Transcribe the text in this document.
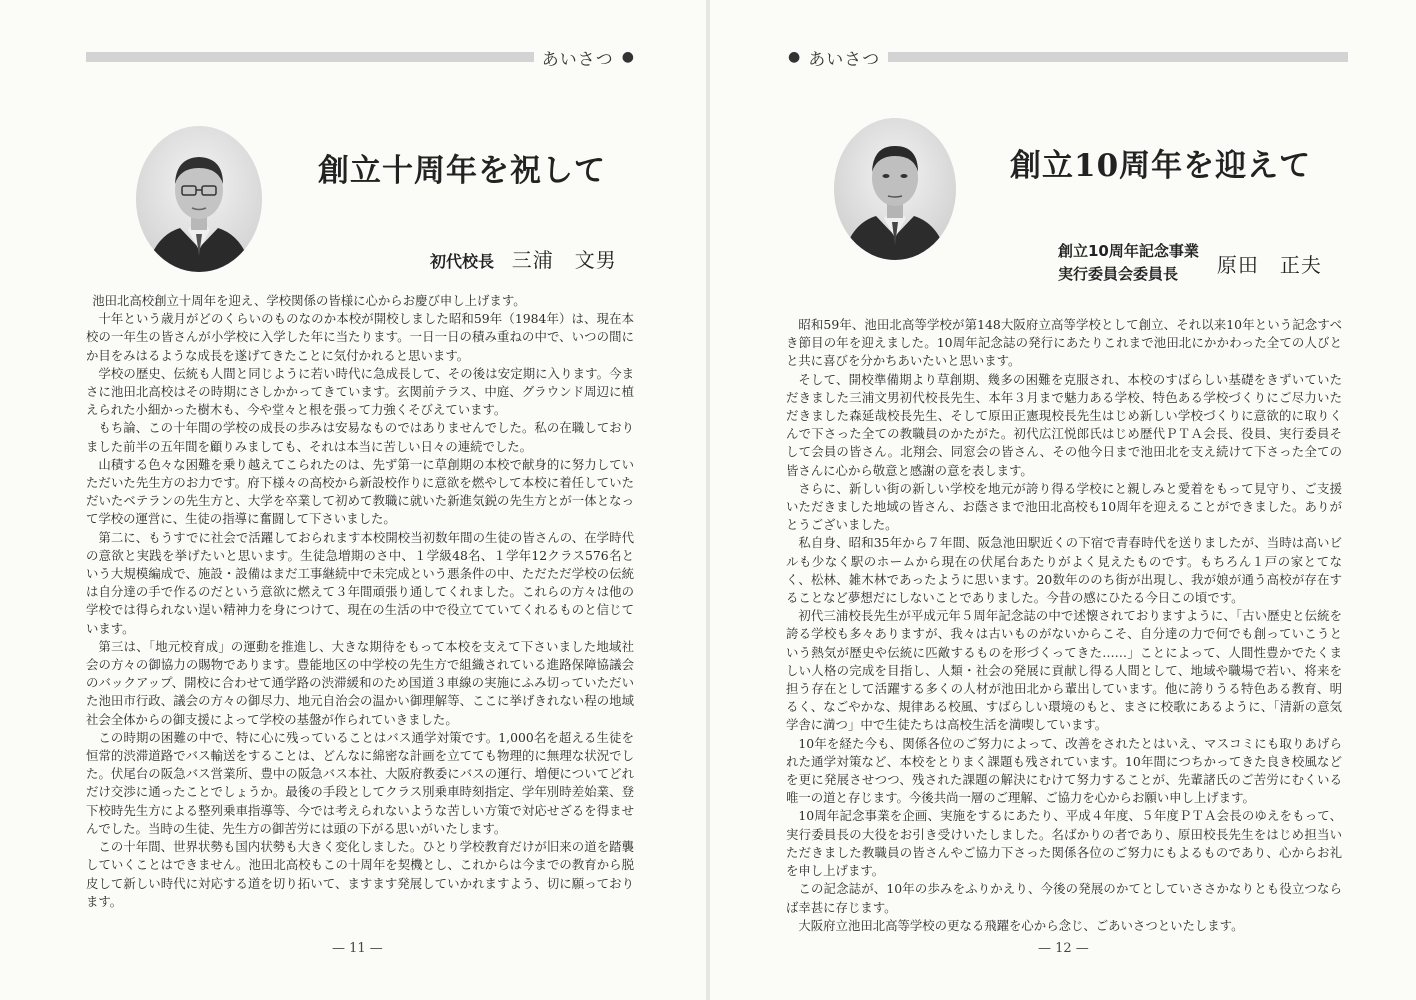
あいさつ ●
創立十周年を祝して
初代校長 三浦　文男

池田北高校創立十周年を迎え、学校関係の皆様に心からお慶び申し上げます。

十年という歳月がどのくらいのものなのか本校が開校しました昭和59年（1984年）は、現在本校の一年生の皆さんが小学校に入学した年に当たります。一日一日の積み重ねの中で、いつの間にか目をみはるような成長を遂げてきたことに気付かれると思います。

学校の歴史、伝統も人間と同じように若い時代に急成長して、その後は安定期に入ります。今まさに池田北高校はその時期にさしかかってきています。玄関前テラス、中庭、グラウンド周辺に植えられた小細かった樹木も、今や堂々と根を張って力強くそびえています。

もち論、この十年間の学校の成長の歩みは安易なものではありませんでした。私の在職しておりました前半の五年間を顧りみましても、それは本当に苦しい日々の連続でした。

山積する色々な困難を乗り越えてこられたのは、先ず第一に草創期の本校で献身的に努力していただいた先生方のお力です。府下様々の高校から新設校作りに意欲を燃やして本校に着任していただいたベテランの先生方と、大学を卒業して初めて教職に就いた新進気鋭の先生方とが一体となって学校の運営に、生徒の指導に奮闘して下さいました。

第二に、もうすでに社会で活躍しておられます本校開校当初数年間の生徒の皆さんの、在学時代の意欲と実践を挙げたいと思います。生徒急増期のさ中、１学級48名、１学年12クラス576名という大規模編成で、施設・設備はまだ工事継続中で未完成という悪条件の中、ただただ学校の伝統は自分達の手で作るのだという意欲に燃えて３年間頑張り通してくれました。これらの方々は他の学校では得られない逞い精神力を身につけて、現在の生活の中で役立てていてくれるものと信じています。

第三は、「地元校育成」の運動を推進し、大きな期待をもって本校を支えて下さいました地域社会の方々の御協力の賜物であります。豊能地区の中学校の先生方で組織されている進路保障協議会のバックアップ、開校に合わせて通学路の渋滞緩和のため国道３車線の実施にふみ切っていただいた池田市行政、議会の方々の御尽力、地元自治会の温かい御理解等、ここに挙げきれない程の地域社会全体からの御支援によって学校の基盤が作られていきました。

この時期の困難の中で、特に心に残っていることはバス通学対策です。1,000名を超える生徒を恒常的渋滞道路でバス輸送をすることは、どんなに綿密な計画を立てても物理的に無理な状況でした。伏尾台の阪急バス営業所、豊中の阪急バス本社、大阪府教委にバスの運行、増便についてどれだけ交渉に通ったことでしょうか。最後の手段としてクラス別乗車時刻指定、学年別時差始業、登下校時先生方による整列乗車指導等、今では考えられないような苦しい方策で対応せざるを得ませんでした。当時の生徒、先生方の御苦労には頭の下がる思いがいたします。

この十年間、世界状勢も国内状勢も大きく変化しました。ひとり学校教育だけが旧来の道を踏襲していくことはできません。池田北高校もこの十周年を契機とし、これからは今までの教育から脱皮して新しい時代に対応する道を切り拓いて、ますます発展していかれますよう、切に願っております。

— 11 —
● あいさつ
創立10周年を迎えて
創立10周年記念事業
実行委員会委員長	原田　正夫

昭和59年、池田北高等学校が第148大阪府立高等学校として創立、それ以来10年という記念すべき節目の年を迎えました。10周年記念誌の発行にあたりこれまで池田北にかかわった全ての人びとと共に喜びを分かちあいたいと思います。

そして、開校準備期より草創期、幾多の困難を克服され、本校のすばらしい基礎をきずいていただきました三浦文男初代校長先生、本年３月まで魅力ある学校、特色ある学校づくりにご尽力いただきました森延哉校長先生、そして原田正憲現校長先生はじめ新しい学校づくりに意欲的に取りくんで下さった全ての教職員のかたがた。初代広江悦郎氏はじめ歴代ＰＴＡ会長、役員、実行委員そして会員の皆さん。北翔会、同窓会の皆さん、その他今日まで池田北を支え続けて下さった全ての皆さんに心から敬意と感謝の意を表します。

さらに、新しい街の新しい学校を地元が誇り得る学校にと親しみと愛着をもって見守り、ご支援いただきました地域の皆さん、お蔭さまで池田北高校も10周年を迎えることができました。ありがとうございました。

私自身、昭和35年から７年間、阪急池田駅近くの下宿で青春時代を送りましたが、当時は高いビルも少なく駅のホームから現在の伏尾台あたりがよく見えたものです。もちろん１戸の家とてなく、松林、雑木林であったように思います。20数年ののち街が出現し、我が娘が通う高校が存在することなど夢想だにしないことでありました。今昔の感にひたる今日この頃です。

初代三浦校長先生が平成元年５周年記念誌の中で述懐されておりますように、「古い歴史と伝統を誇る学校も多々ありますが、我々は古いものがないからこそ、自分達の力で何でも創っていこうという熱気が歴史や伝統に匹敵するものを形づくってきた……」ことによって、人間性豊かでたくましい人格の完成を目指し、人類・社会の発展に貢献し得る人間として、地域や職場で若い、将来を担う存在として活躍する多くの人材が池田北から輩出しています。他に誇りうる特色ある教育、明るく、なごやかな、規律ある校風、すばらしい環境のもと、まさに校歌にあるように、「清新の意気　学舎に満つ」中で生徒たちは高校生活を満喫しています。

10年を経た今も、関係各位のご努力によって、改善をされたとはいえ、マスコミにも取りあげられた通学対策など、本校をとりまく課題も残されています。10年間につちかってきた良き校風などを更に発展させつつ、残された課題の解決にむけて努力することが、先輩諸氏のご苦労にむくいる唯一の道と存じます。今後共尚一層のご理解、ご協力を心からお願い申し上げます。

10周年記念事業を企画、実施をするにあたり、平成４年度、５年度ＰＴＡ会長のゆえをもって、実行委員長の大役をお引き受けいたしました。名ばかりの者であり、原田校長先生をはじめ担当いただきました教職員の皆さんやご協力下さった関係各位のご努力にもよるものであり、心からお礼を申し上げます。

この記念誌が、10年の歩みをふりかえり、今後の発展のかてとしていささかなりとも役立つならば幸甚に存じます。

大阪府立池田北高等学校の更なる飛躍を心から念じ、ごあいさつといたします。

— 12 —
